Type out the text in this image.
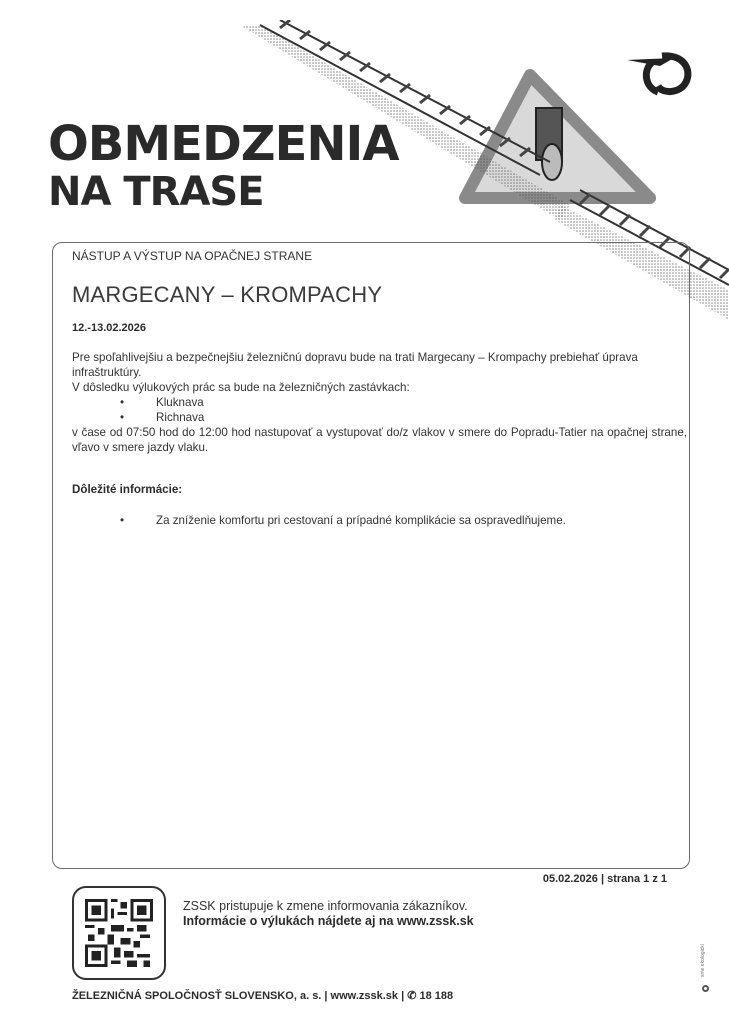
OBMEDZENIA
NA TRASE
NÁSTUP A VÝSTUP NA OPAČNEJ STRANE
MARGECANY – KROMPACHY
12.-13.02.2026

Pre spoľahlivejšiu a bezpečnejšiu železničnú dopravu bude na trati Margecany – Krompachy prebiehať úprava infraštruktúry.

V dôsledku výlukových prác sa bude na železničných zastávkach:

• Kluknava
• Richnava

v čase od 07:50 hod do 12:00 hod nastupovať a vystupovať do/z vlakov v smere do Popradu-Tatier na opačnej strane, vľavo v smere jazdy vlaku.

Dôležité informácie:
• Za zníženie komfortu pri cestovaní a prípadné komplikácie sa ospravedlňujeme.
05.02.2026 | strana 1 z 1
ZSSK pristupuje k zmene informovania zákazníkov.
Informácie o výlukách nájdete aj na www.zssk.sk
ŽELEZNIČNÁ SPOLOČNOSŤ SLOVENSKO, a. s. | www.zssk.sk | ✆ 18 188
sme ekologickí
